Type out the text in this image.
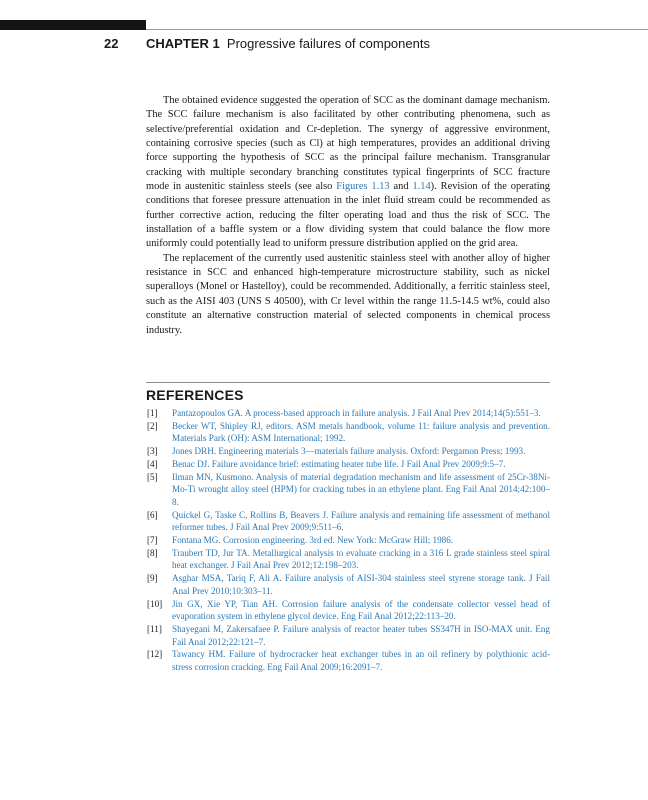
22 CHAPTER 1 Progressive failures of components

The obtained evidence suggested the operation of SCC as the dominant damage mechanism. The SCC failure mechanism is also facilitated by other contributing phenomena, such as selective/preferential oxidation and Cr-depletion. The synergy of aggressive environment, containing corrosive species (such as Cl) at high temperatures, provides an additional driving force supporting the hypothesis of SCC as the principal failure mechanism. Transgranular cracking with multiple secondary branching constitutes typical fingerprints of SCC fracture mode in austenitic stainless steels (see also Figures 1.13 and 1.14). Revision of the operating conditions that foresee pressure attenuation in the inlet fluid stream could be recommended as further corrective action, reducing the filter operating load and thus the risk of SCC. The installation of a baffle system or a flow dividing system that could balance the flow more uniformly could potentially lead to uniform pressure distribution applied on the grid area.

The replacement of the currently used austenitic stainless steel with another alloy of higher resistance in SCC and enhanced high-temperature microstructure stability, such as nickel superalloys (Monel or Hastelloy), could be recommended. Additionally, a ferritic stainless steel, such as the AISI 403 (UNS S 40500), with Cr level within the range 11.5-14.5 wt%, could also constitute an alternative construction material of selected components in chemical process industry.

REFERENCES
[1] Pantazopoulos GA. A process-based approach in failure analysis. J Fail Anal Prev 2014;14(5):551–3.
[2] Becker WT, Shipley RJ, editors. ASM metals handbook, volume 11: failure analysis and prevention. Materials Park (OH): ASM International; 1992.
[3] Jones DRH. Engineering materials 3—materials failure analysis. Oxford: Pergamon Press; 1993.
[4] Benac DJ. Failure avoidance brief: estimating heater tube life. J Fail Anal Prev 2009;9:5–7.
[5] Ilman MN, Kusmono. Analysis of material degradation mechanism and life assessment of 25Cr-38Ni-Mo-Ti wrought alloy steel (HPM) for cracking tubes in an ethylene plant. Eng Fail Anal 2014;42:100–8.
[6] Quickel G, Taske C, Rollins B, Beavers J. Failure analysis and remaining life assessment of methanol reformer tubes. J Fail Anal Prev 2009;9:511–6.
[7] Fontana MG. Corrosion engineering. 3rd ed. New York: McGraw Hill; 1986.
[8] Traubert TD, Jur TA. Metallurgical analysis to evaluate cracking in a 316 L grade stainless steel spiral heat exchanger. J Fail Anal Prev 2012;12:198–203.
[9] Asghar MSA, Tariq F, Ali A. Failure analysis of AISI-304 stainless steel styrene storage tank. J Fail Anal Prev 2010;10:303–11.
[10] Jin GX, Xie YP, Tian AH. Corrosion failure analysis of the condensate collector vessel head of evaporation system in ethylene glycol device. Eng Fail Anal 2012;22:113–20.
[11] Shayegani M, Zakersafaee P. Failure analysis of reactor heater tubes SS347H in ISO-MAX unit. Eng Fail Anal 2012;22:121–7.
[12] Tawancy HM. Failure of hydrocracker heat exchanger tubes in an oil refinery by polythionic acid-stress corrosion cracking. Eng Fail Anal 2009;16:2091–7.
